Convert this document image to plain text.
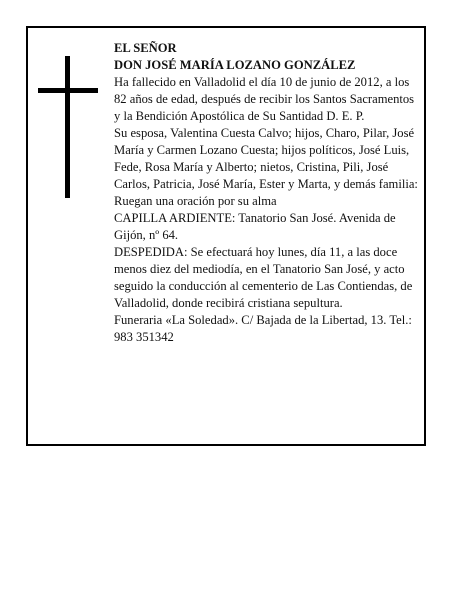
EL SEÑOR

DON JOSÉ MARÍA LOZANO GONZÁLEZ

Ha fallecido en Valladolid el día 10 de junio de 2012, a los 82 años de edad, después de recibir los Santos Sacramentos y la Bendición Apostólica de Su Santidad D. E. P.

Su esposa, Valentina Cuesta Calvo; hijos, Charo, Pilar, José María y Carmen Lozano Cuesta; hijos políticos, José Luis, Fede, Rosa María y Alberto; nietos, Cristina, Pili, José Carlos, Patricia, José María, Ester y Marta, y demás familia:

Ruegan una oración por su alma

CAPILLA ARDIENTE: Tanatorio San José. Avenida de Gijón, nº 64.

DESPEDIDA: Se efectuará hoy lunes, día 11, a las doce menos diez del mediodía, en el Tanatorio San José, y acto seguido la conducción al cementerio de Las Contiendas, de Valladolid, donde recibirá cristiana sepultura.

Funeraria «La Soledad». C/ Bajada de la Libertad, 13. Tel.: 983 351342
